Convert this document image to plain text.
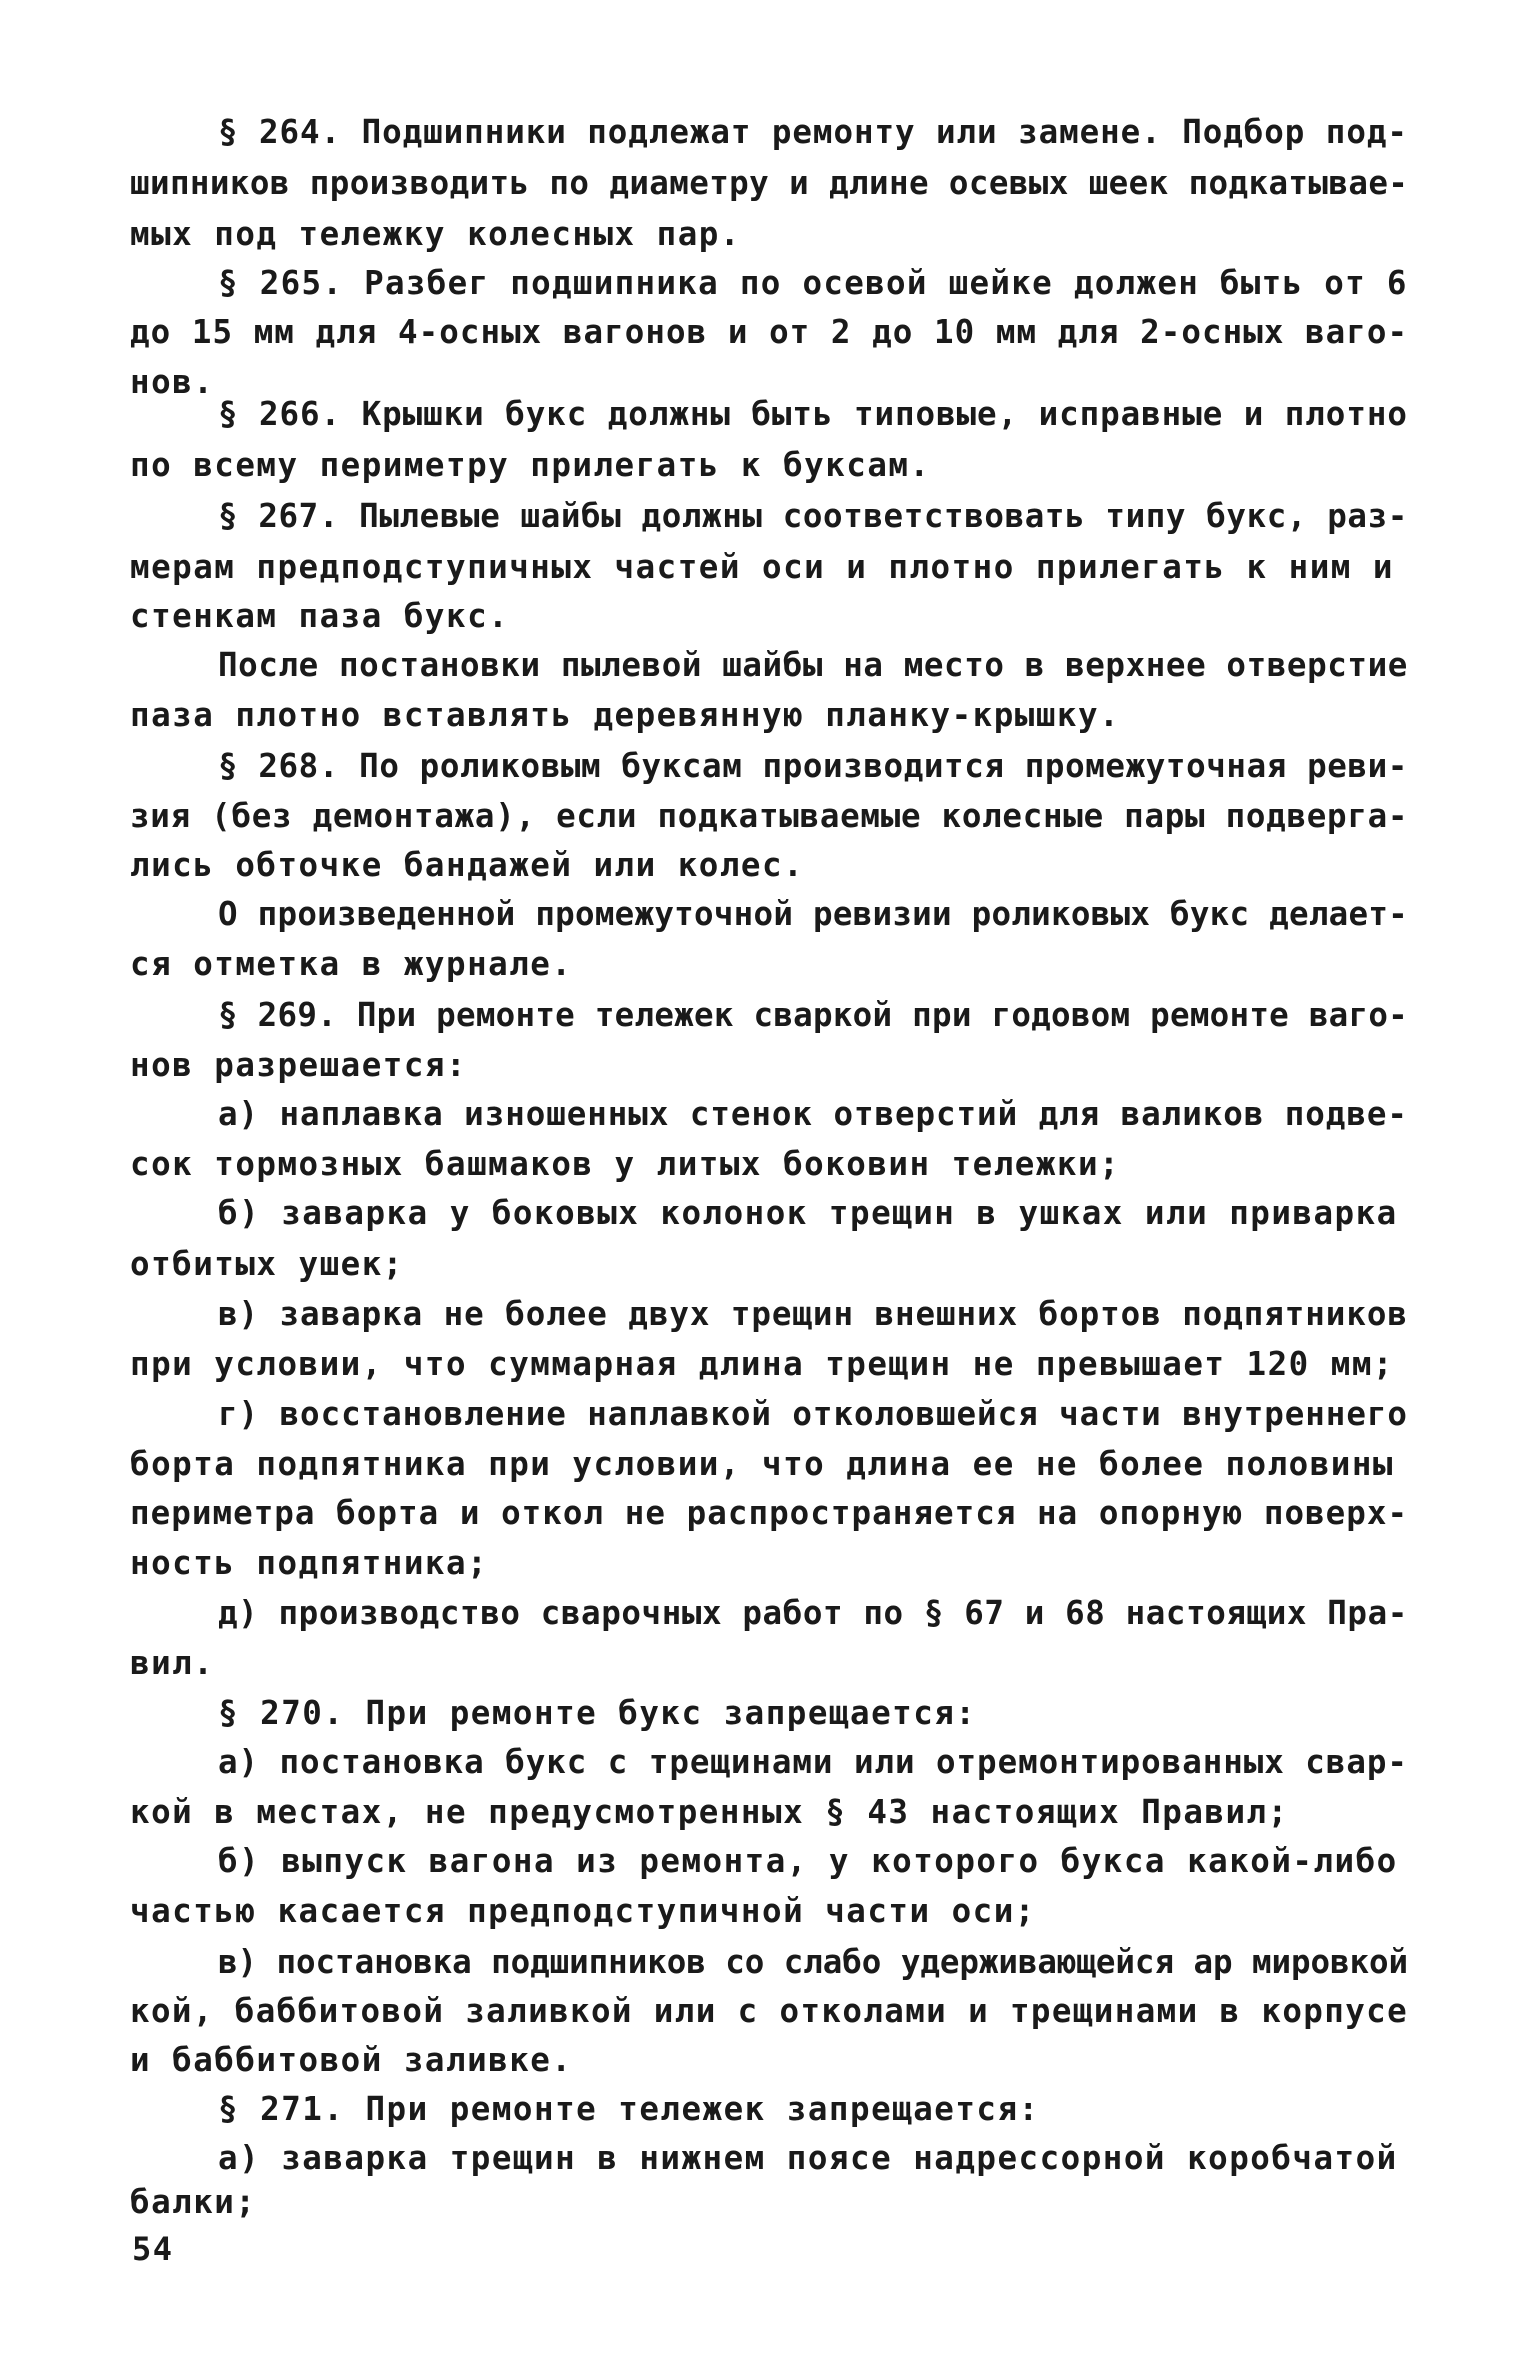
§ 264. Подшипники подлежат ремонту или замене. Подбор под-
шипников производить по диаметру и длине осевых шеек подкатывае-
мых под тележку колесных пар.
§ 265. Разбег подшипника по осевой шейке должен быть от 6
до 15 мм для 4-осных вагонов и от 2 до 10 мм для 2-осных ваго-
нов.
§ 266. Крышки букс должны быть типовые, исправные и плотно
по всему периметру прилегать к буксам.
§ 267. Пылевые шайбы должны соответствовать типу букс, раз-
мерам предподступичных частей оси и плотно прилегать к ним и
стенкам паза букс.
После постановки пылевой шайбы на место в верхнее отверстие
паза плотно вставлять деревянную планку-крышку.
§ 268. По роликовым буксам производится промежуточная реви-
зия (без демонтажа), если подкатываемые колесные пары подверга-
лись обточке бандажей или колес.
О произведенной промежуточной ревизии роликовых букс делает-
ся отметка в журнале.
§ 269. При ремонте тележек сваркой при годовом ремонте ваго-
нов разрешается:
а) наплавка изношенных стенок отверстий для валиков подве-
сок тормозных башмаков у литых боковин тележки;
б) заварка у боковых колонок трещин в ушках или приварка
отбитых ушек;
в) заварка не более двух трещин внешних бортов подпятников
при условии, что суммарная длина трещин не превышает 120 мм;
г) восстановление наплавкой отколовшейся части внутреннего
борта подпятника при условии, что длина ее не более половины
периметра борта и откол не распространяется на опорную поверх-
ность подпятника;
д) производство сварочных работ по § 67 и 68 настоящих Пра-
вил.
§ 270. При ремонте букс запрещается:
а) постановка букс с трещинами или отремонтированных свар-
кой в местах, не предусмотренных § 43 настоящих Правил;
б) выпуск вагона из ремонта, у которого букса какой-либо
частью касается предподступичной части оси;
в) постановка подшипников со слабо удерживающейся ар мировкой
кой, баббитовой заливкой или с отколами и трещинами в корпусе
и баббитовой заливке.
§ 271. При ремонте тележек запрещается:
а) заварка трещин в нижнем поясе надрессорной коробчатой
балки;
54
